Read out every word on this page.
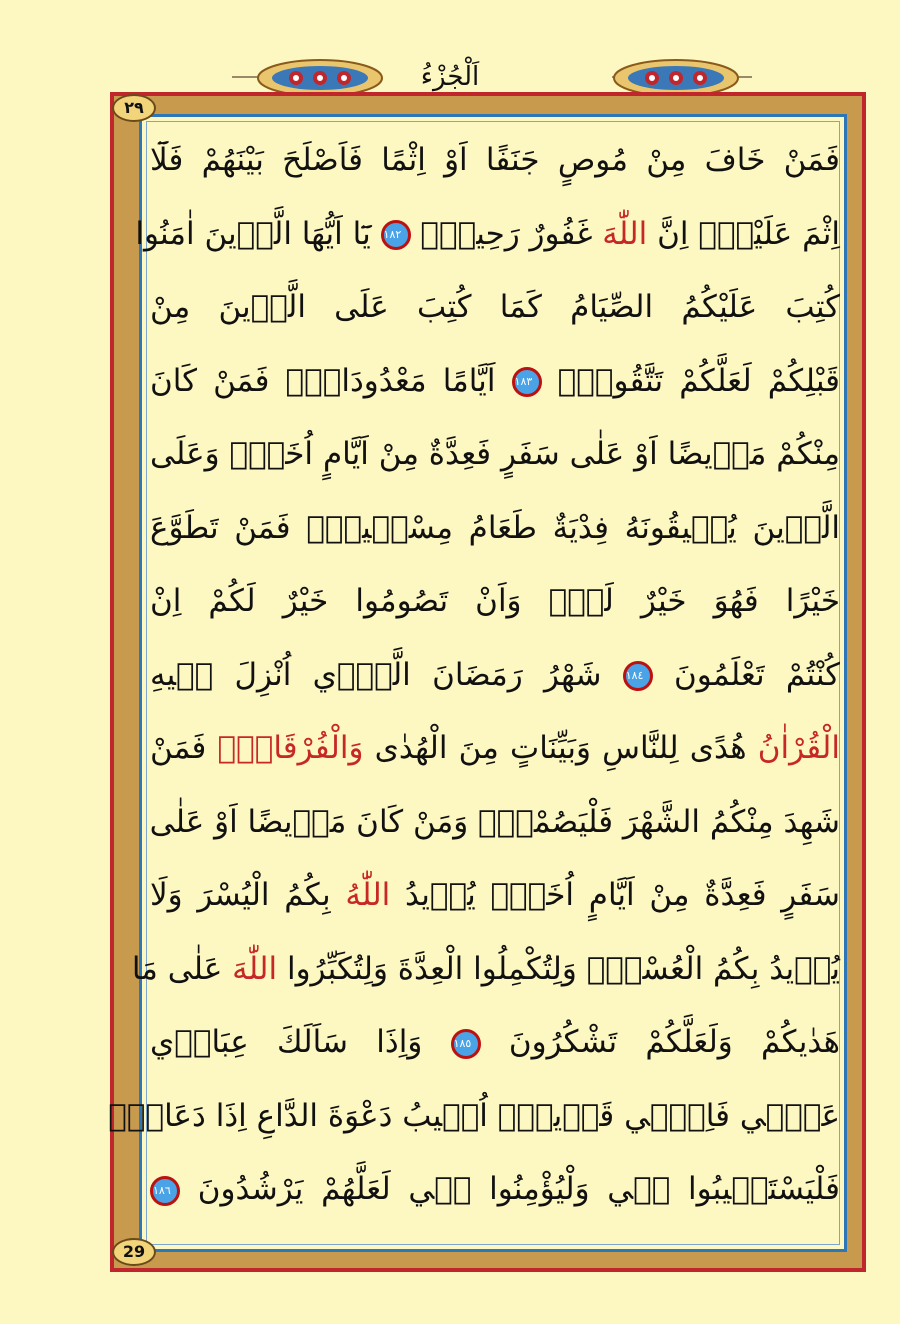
اَلْجُزْءُ
٢٩
29
فَمَنْ خَافَ مِنْ مُوصٍ جَنَفًا اَوْ اِثْمًا فَاَصْلَحَ بَيْنَهُمْ فَلَٓا
اِثْمَ عَلَيْهِۜ اِنَّ اللّٰهَ غَفُورٌ رَحِيمٌ۟ ١٨٢ يَٓا اَيُّهَا الَّذ۪ينَ اٰمَنُوا
كُتِبَ عَلَيْكُمُ الصِّيَامُ كَمَا كُتِبَ عَلَى الَّذ۪ينَ مِنْ
قَبْلِكُمْ لَعَلَّكُمْ تَتَّقُونَۙ ١٨٣ اَيَّامًا مَعْدُودَاتٍۜ فَمَنْ كَانَ
مِنْكُمْ مَر۪يضًا اَوْ عَلٰى سَفَرٍ فَعِدَّةٌ مِنْ اَيَّامٍ اُخَرَۜ وَعَلَى
الَّذ۪ينَ يُط۪يقُونَهُ فِدْيَةٌ طَعَامُ مِسْك۪ينٍۜ فَمَنْ تَطَوَّعَ
خَيْرًا فَهُوَ خَيْرٌ لَهُۜ وَاَنْ تَصُومُوا خَيْرٌ لَكُمْ اِنْ
كُنْتُمْ تَعْلَمُونَ ١٨٤ شَهْرُ رَمَضَانَ الَّذ۪ٓي اُنْزِلَ ف۪يهِ
الْقُرْاٰنُ هُدًى لِلنَّاسِ وَبَيِّنَاتٍ مِنَ الْهُدٰى وَالْفُرْقَانِۚ فَمَنْ
شَهِدَ مِنْكُمُ الشَّهْرَ فَلْيَصُمْهُۜ وَمَنْ كَانَ مَر۪يضًا اَوْ عَلٰى
سَفَرٍ فَعِدَّةٌ مِنْ اَيَّامٍ اُخَرَۜ يُر۪يدُ اللّٰهُ بِكُمُ الْيُسْرَ وَلَا
يُر۪يدُ بِكُمُ الْعُسْرَۘ وَلِتُكْمِلُوا الْعِدَّةَ وَلِتُكَبِّرُوا اللّٰهَ عَلٰى مَا
هَدٰيكُمْ وَلَعَلَّكُمْ تَشْكُرُونَ ١٨٥ وَاِذَا سَاَلَكَ عِبَاد۪ي
عَنّ۪ي فَاِنّ۪ي قَر۪يبٌۜ اُج۪يبُ دَعْوَةَ الدَّاعِ اِذَا دَعَانِۙ
فَلْيَسْتَج۪يبُوا ل۪ي وَلْيُؤْمِنُوا ب۪ي لَعَلَّهُمْ يَرْشُدُونَ ١٨٦
